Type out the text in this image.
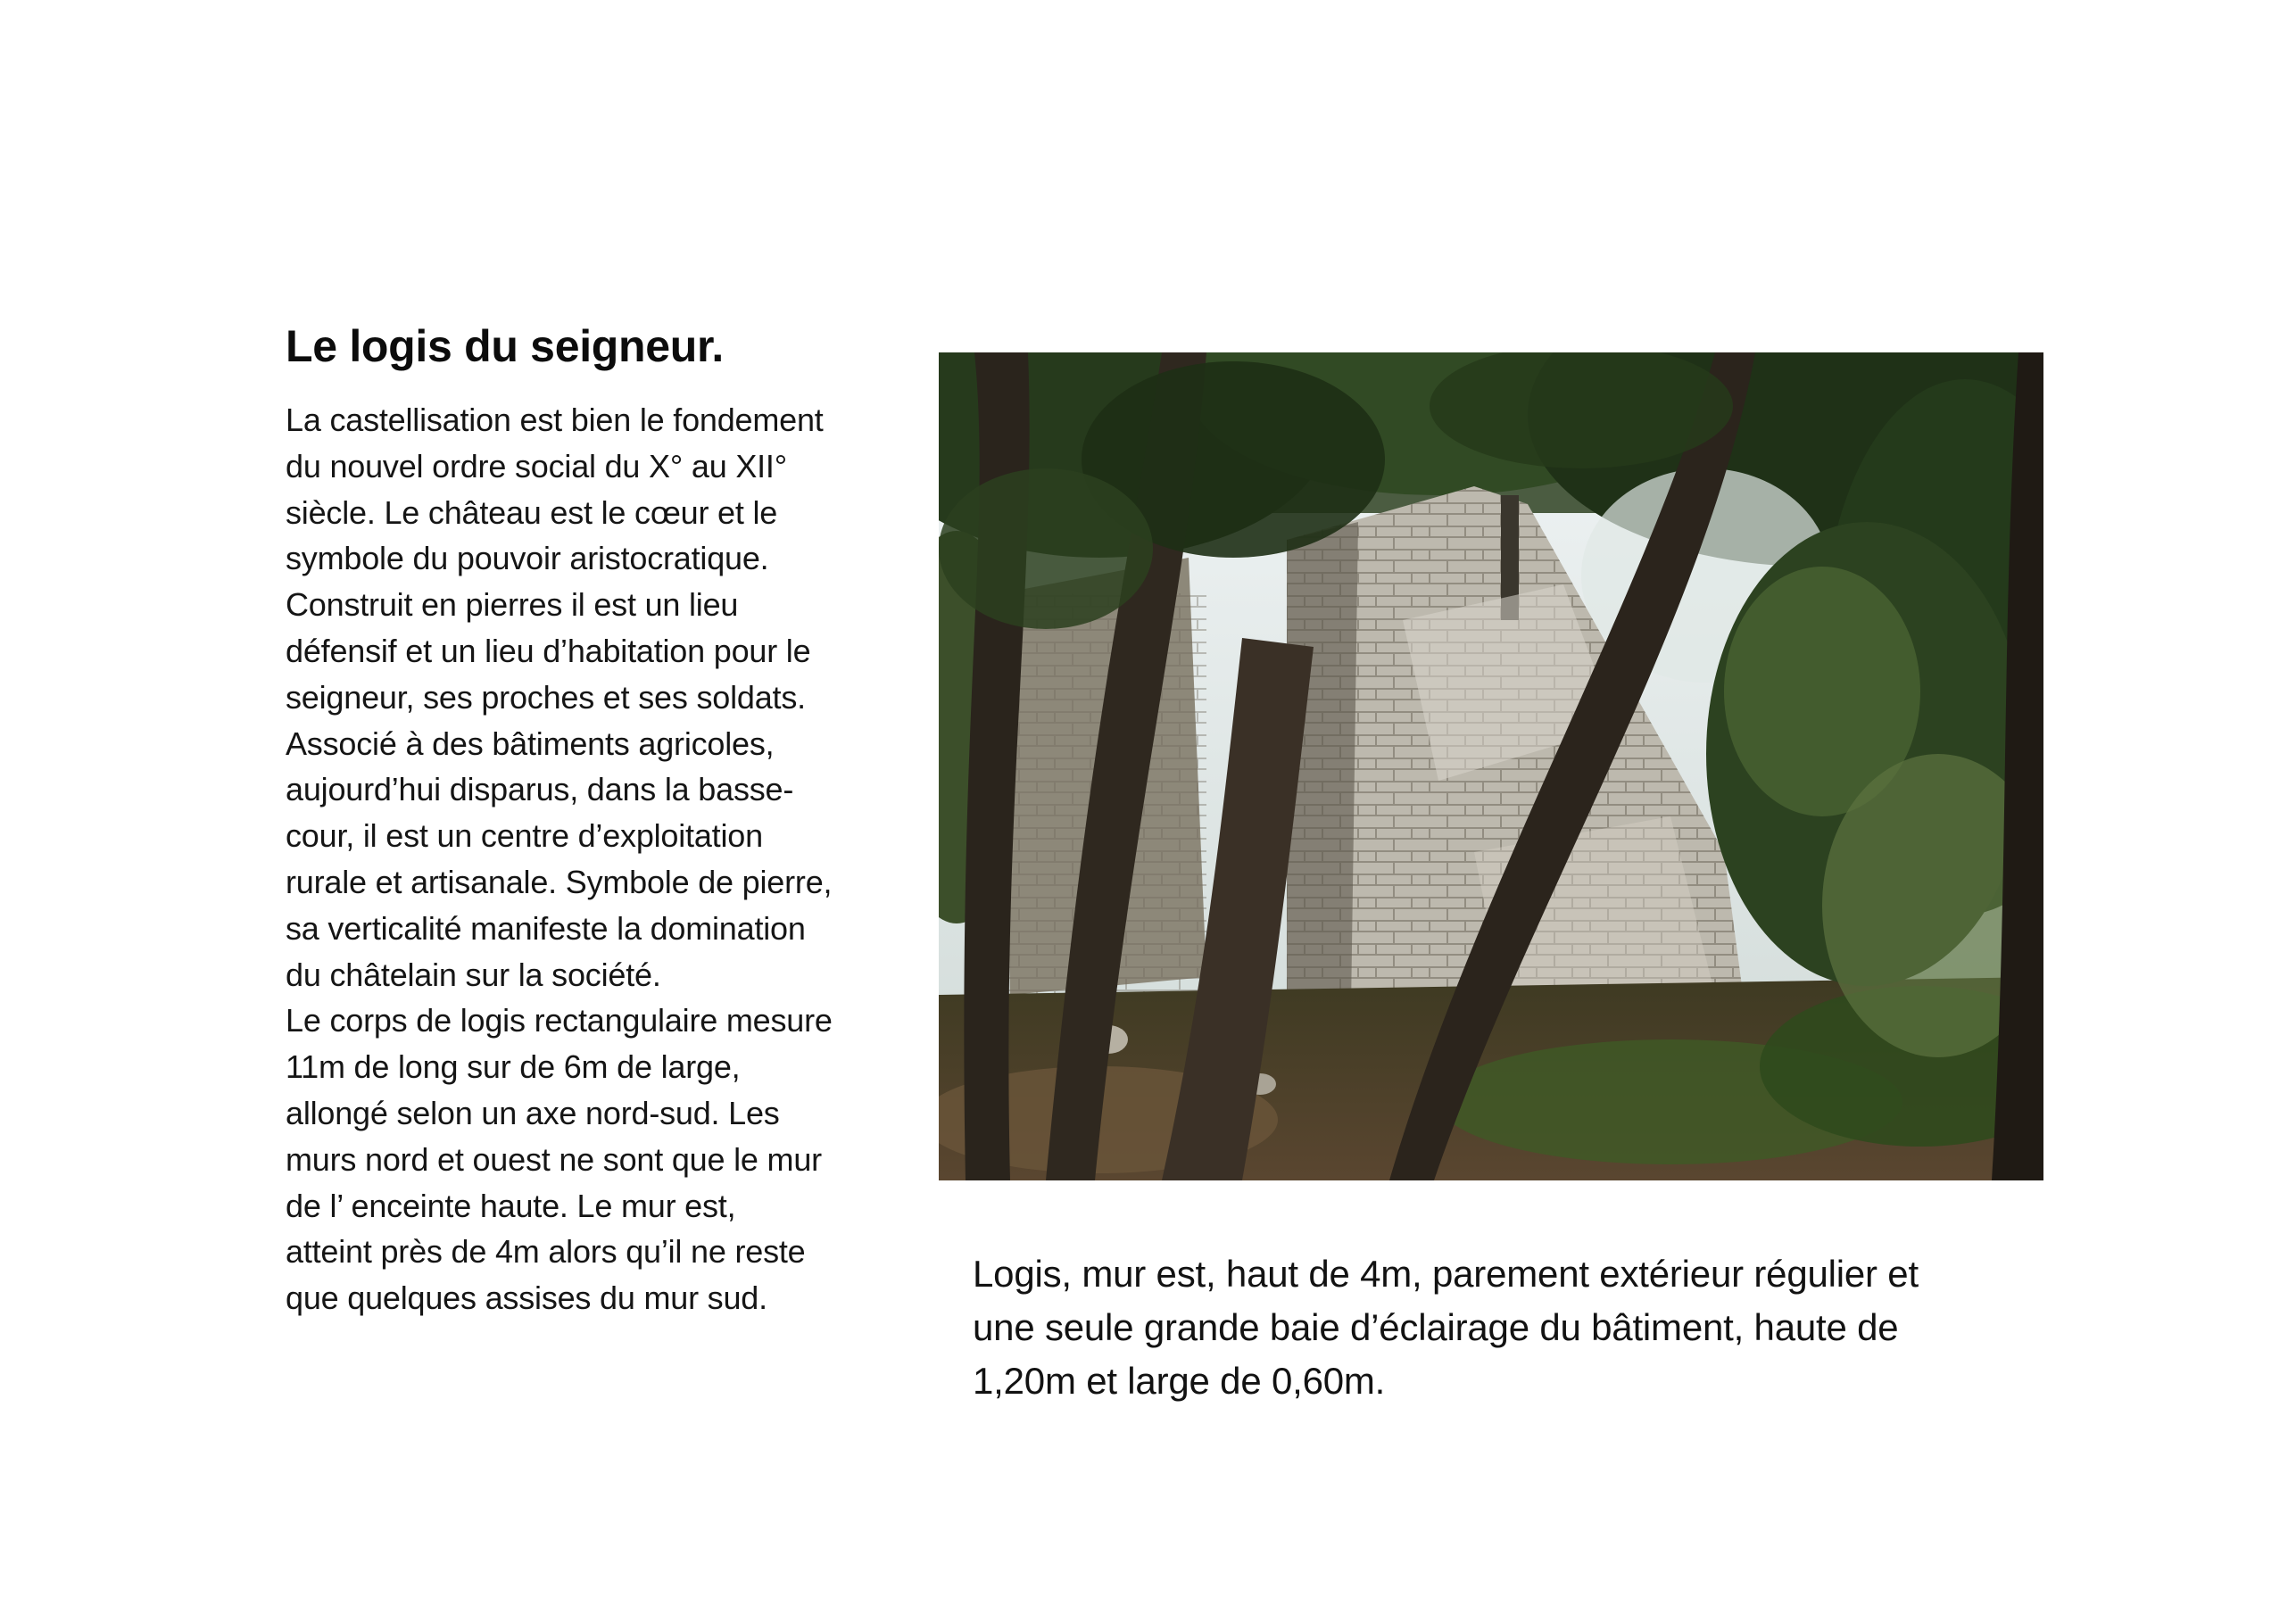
Le logis du seigneur.

La castellisation est bien le fondement
du nouvel ordre social du X° au XII°
siècle. Le château est le cœur et le
symbole du pouvoir aristocratique.
Construit en pierres il est un lieu
défensif et un lieu d’habitation pour le
seigneur, ses proches et ses soldats.
Associé à des bâtiments agricoles,
aujourd’hui disparus, dans la basse-
cour, il est un centre d’exploitation
rurale et artisanale. Symbole de pierre,
sa verticalité manifeste la domination
du châtelain sur la société.

Le corps de logis rectangulaire mesure
11m de long sur de 6m de large,
allongé selon un axe nord-sud. Les
murs nord et ouest ne sont que le mur
de l’ enceinte haute. Le mur est,
atteint près de 4m alors qu’il ne reste
que quelques assises du mur sud.

Logis, mur est, haut de 4m, parement extérieur régulier et
une seule grande baie d’éclairage du bâtiment, haute de
1,20m et large de 0,60m.
